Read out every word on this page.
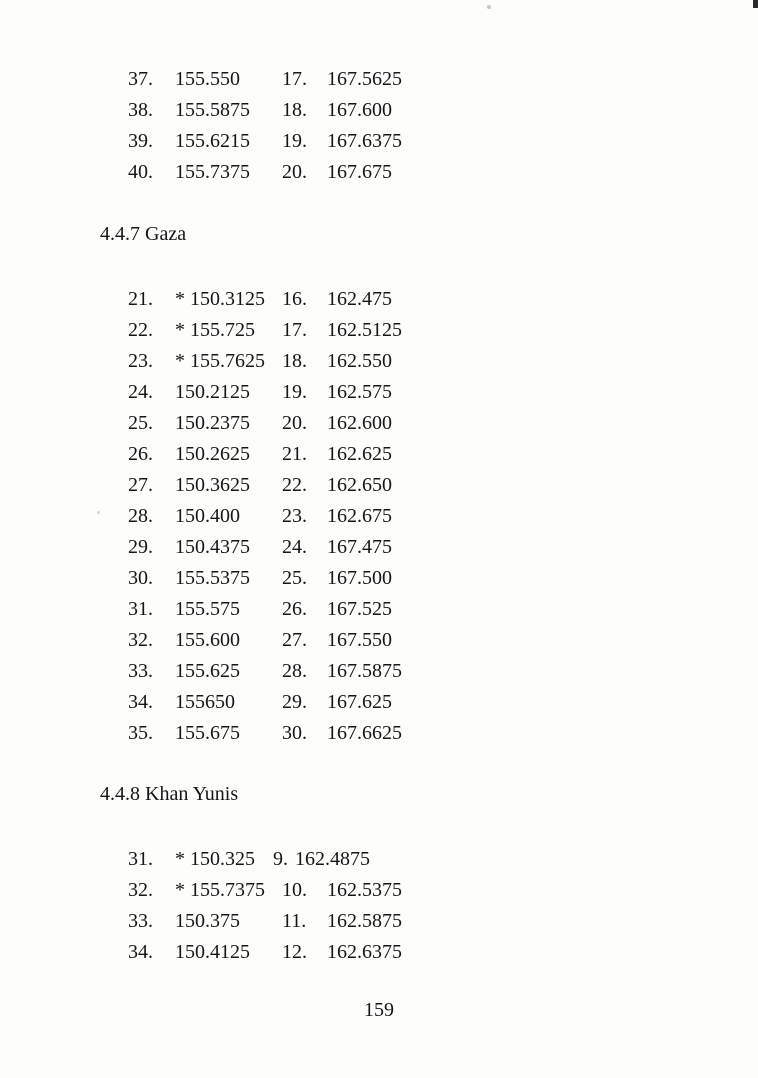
37. 155.550 17. 167.5625
38. 155.5875 18. 167.600
39. 155.6215 19. 167.6375
40. 155.7375 20. 167.675
4.4.7 Gaza
21. * 150.3125 16. 162.475
22. * 155.725 17. 162.5125
23. * 155.7625 18. 162.550
24. 150.2125 19. 162.575
25. 150.2375 20. 162.600
26. 150.2625 21. 162.625
27. 150.3625 22. 162.650
28. 150.400 23. 162.675
29. 150.4375 24. 167.475
30. 155.5375 25. 167.500
31. 155.575 26. 167.525
32. 155.600 27. 167.550
33. 155.625 28. 167.5875
34. 155650 29. 167.625
35. 155.675 30. 167.6625
4.4.8 Khan Yunis
31. * 150.325 9. 162.4875
32. * 155.7375 10. 162.5375
33. 150.375 11. 162.5875
34. 150.4125 12. 162.6375
159
